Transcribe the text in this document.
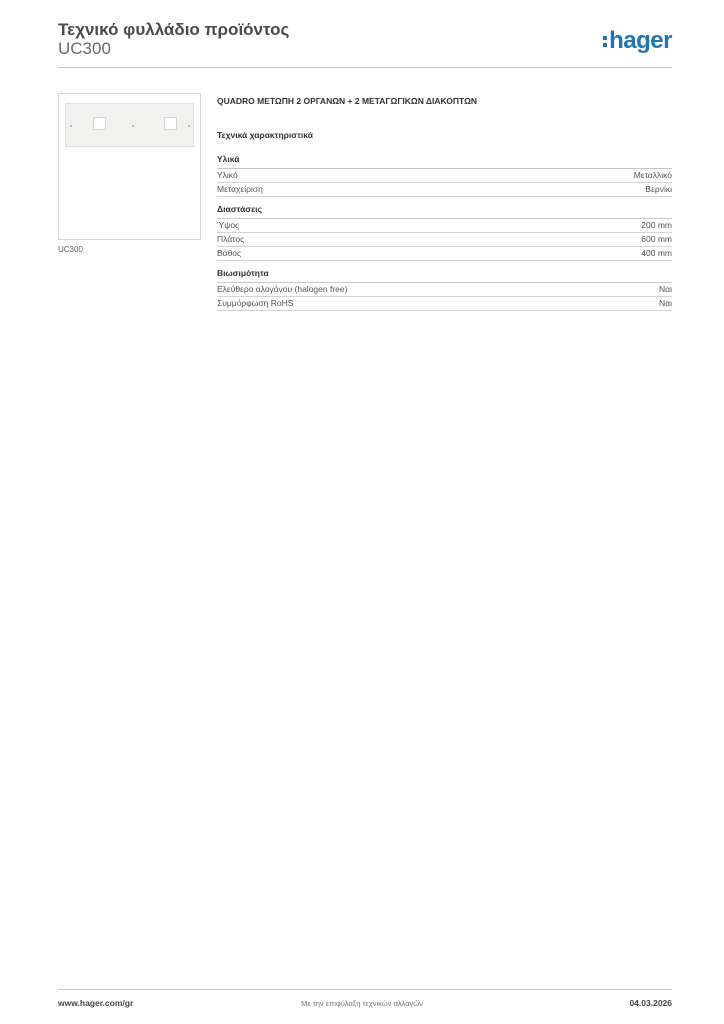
Τεχνικό φυλλάδιο προϊόντος
UC300	hager
UC300
QUADRO ΜΕΤΩΠΗ 2 ΟΡΓΑΝΩΝ + 2 ΜΕΤΑΓΩΓΙΚΩΝ ΔΙΑΚΟΠΤΩΝ
Τεχνικά χαρακτηριστικά
Υλικά
Υλικό	Μεταλλικό
Μεταχείριση	Βερνίκι
Διαστάσεις
Ύψος	200 mm
Πλάτος	600 mm
Βάθος	400 mm
Βιωσιμότητα
Ελεύθερο αλογόνου (halogen free)	Ναι
Συμμόρφωση RoHS	Ναι
www.hager.com/gr	Με την επιφύλαξη τεχνικών αλλαγών	04.03.2026
